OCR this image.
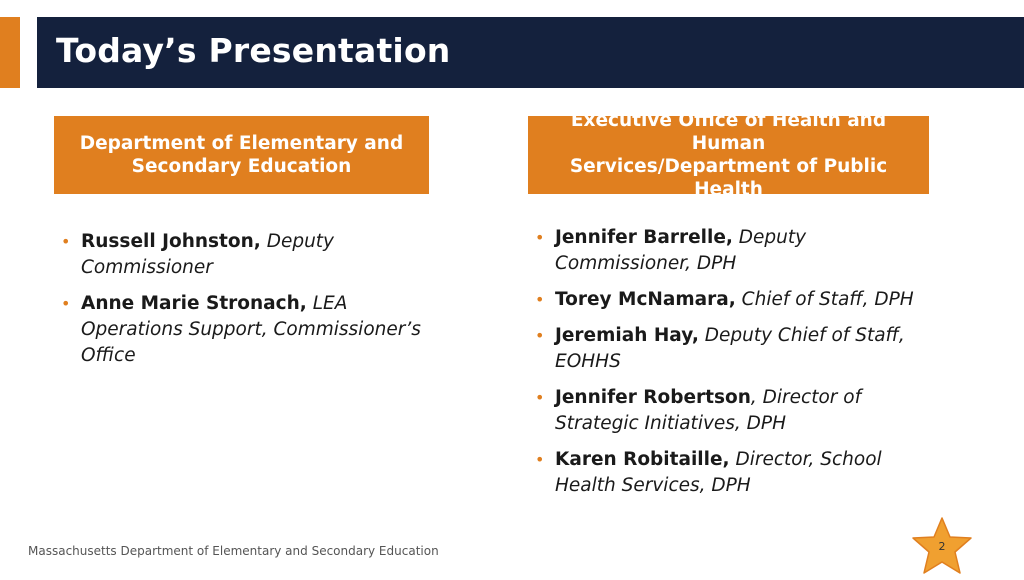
Today’s Presentation
Department of Elementary and
Secondary Education
Executive Office of Health and Human
Services/Department of Public Health
• Russell Johnston, Deputy Commissioner
• Anne Marie Stronach, LEA Operations Support, Commissioner’s Office
• Jennifer Barrelle, Deputy Commissioner, DPH
• Torey McNamara, Chief of Staff, DPH
• Jeremiah Hay, Deputy Chief of Staff, EOHHS
• Jennifer Robertson, Director of Strategic Initiatives, DPH
• Karen Robitaille, Director, School Health Services, DPH
Massachusetts Department of Elementary and Secondary Education	2
